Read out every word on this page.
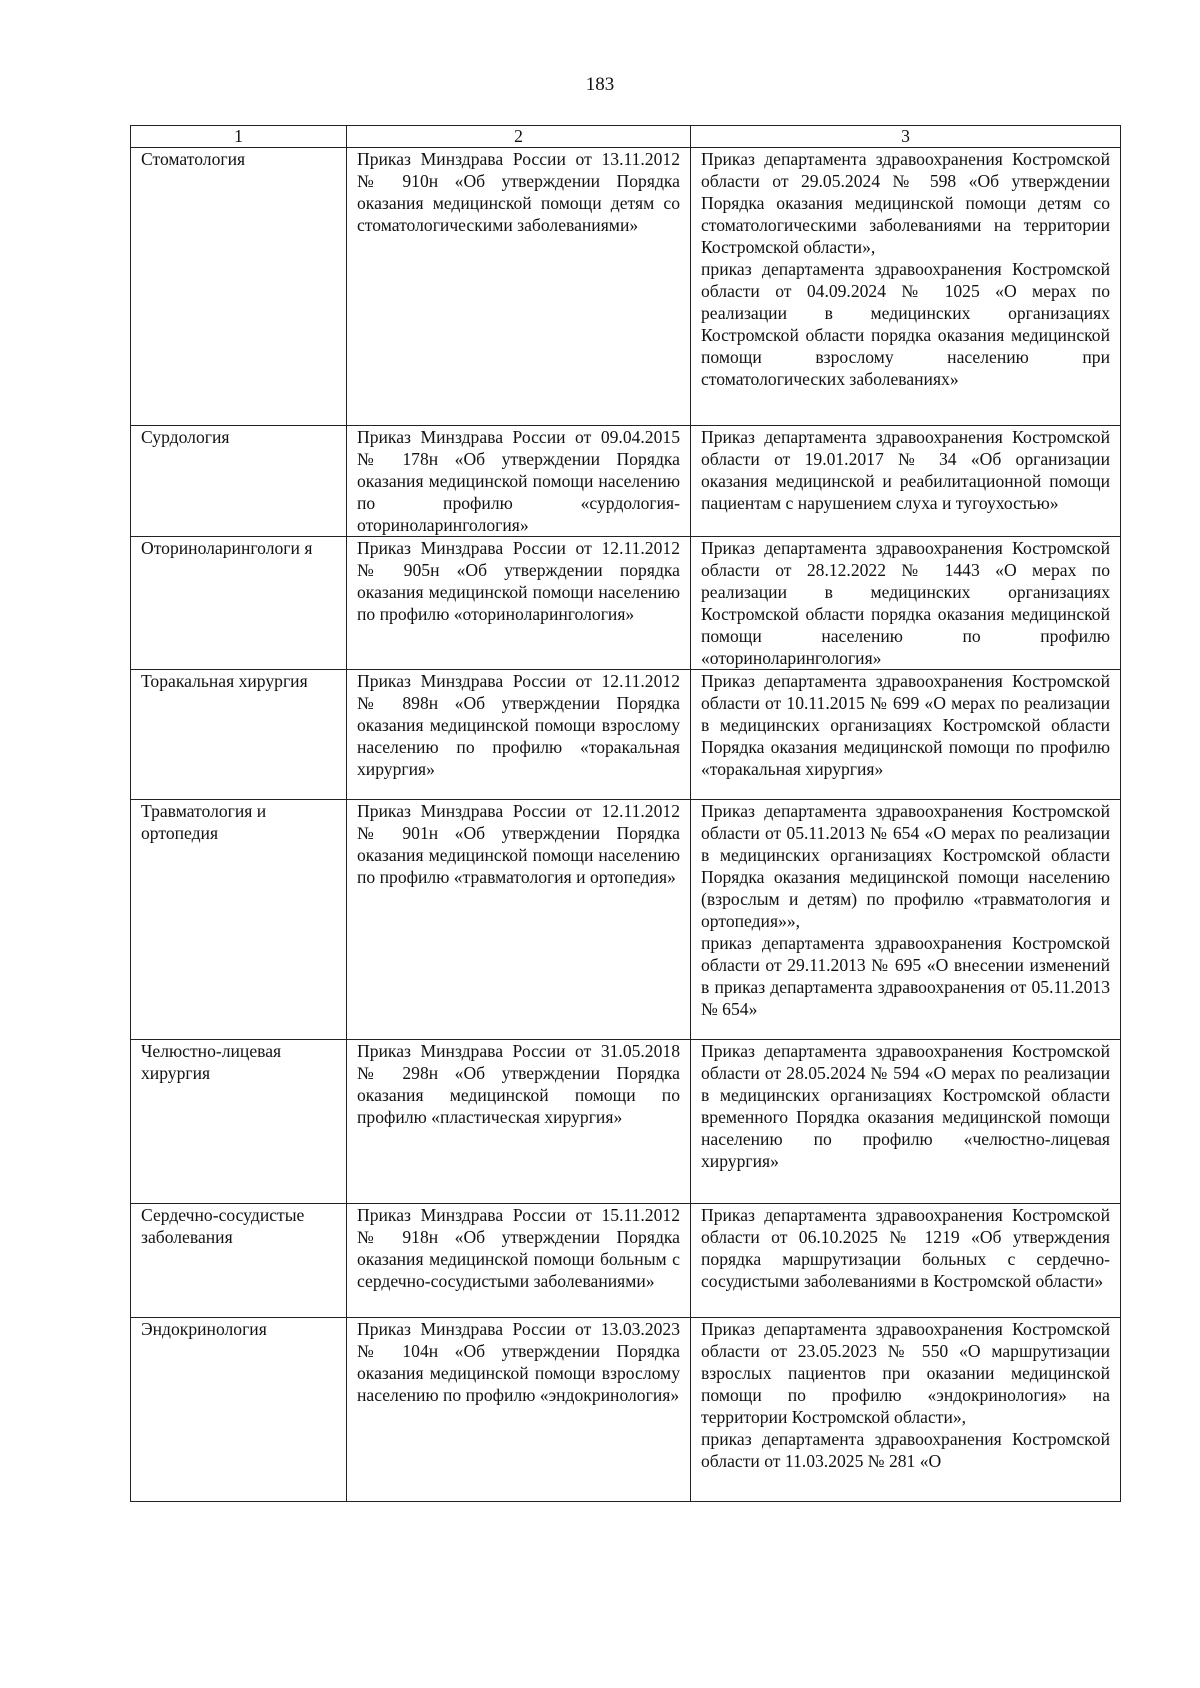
183
1	2	3
Стоматология	Приказ Минздрава России от 13.11.2012 № 910н «Об утверждении Порядка оказания медицинской помощи детям со стоматологическими заболеваниями»	Приказ департамента здравоохранения Костромской области от 29.05.2024 № 598 «Об утверждении Порядка оказания медицинской помощи детям со стоматологическими заболеваниями на территории Костромской области»,
приказ департамента здравоохранения Костромской области от 04.09.2024 № 1025 «О мерах по реализации в медицинских организациях Костромской области порядка оказания медицинской помощи взрослому населению при стоматологических заболеваниях»

Сурдология	Приказ Минздрава России от 09.04.2015 № 178н «Об утверждении Порядка оказания медицинской помощи населению по профилю «сурдология-оториноларингология»	Приказ департамента здравоохранения Костромской области от 19.01.2017 № 34 «Об организации оказания медицинской и реабилитационной помощи пациентам с нарушением слуха и тугоухостью»

Оториноларингологи я	Приказ Минздрава России от 12.11.2012 № 905н «Об утверждении порядка оказания медицинской помощи населению по профилю «оториноларингология»	Приказ департамента здравоохранения Костромской области от 28.12.2022 № 1443 «О мерах по реализации в медицинских организациях Костромской области порядка оказания медицинской помощи населению по профилю «оториноларингология»

Торакальная хирургия	Приказ Минздрава России от 12.11.2012 № 898н «Об утверждении Порядка оказания медицинской помощи взрослому населению по профилю «торакальная хирургия»	Приказ департамента здравоохранения Костромской области от 10.11.2015 № 699 «О мерах по реализации в медицинских организациях Костромской области Порядка оказания медицинской помощи по профилю «торакальная хирургия»

Травматология и ортопедия	Приказ Минздрава России от 12.11.2012 № 901н «Об утверждении Порядка оказания медицинской помощи населению по профилю «травматология и ортопедия»	Приказ департамента здравоохранения Костромской области от 05.11.2013 № 654 «О мерах по реализации в медицинских организациях Костромской области Порядка оказания медицинской помощи населению (взрослым и детям) по профилю «травматология и ортопедия»»,
приказ департамента здравоохранения Костромской области от 29.11.2013 № 695 «О внесении изменений в приказ департамента здравоохранения от 05.11.2013 № 654»

Челюстно-лицевая хирургия	Приказ Минздрава России от 31.05.2018 № 298н «Об утверждении Порядка оказания медицинской помощи по профилю «пластическая хирургия»	Приказ департамента здравоохранения Костромской области от 28.05.2024 № 594 «О мерах по реализации в медицинских организациях Костромской области временного Порядка оказания медицинской помощи населению по профилю «челюстно-лицевая хирургия»

Сердечно-сосудистые заболевания	Приказ Минздрава России от 15.11.2012 № 918н «Об утверждении Порядка оказания медицинской помощи больным с сердечно-сосудистыми заболеваниями»	Приказ департамента здравоохранения Костромской области от 06.10.2025 № 1219 «Об утверждения порядка маршрутизации больных с сердечно-сосудистыми заболеваниями в Костромской области»

Эндокринология	Приказ Минздрава России от 13.03.2023 № 104н «Об утверждении Порядка оказания медицинской помощи взрослому населению по профилю «эндокринология»	Приказ департамента здравоохранения Костромской области от 23.05.2023 № 550 «О маршрутизации взрослых пациентов при оказании медицинской помощи по профилю «эндокринология» на территории Костромской области»,
приказ департамента здравоохранения Костромской области от 11.03.2025 № 281 «О
